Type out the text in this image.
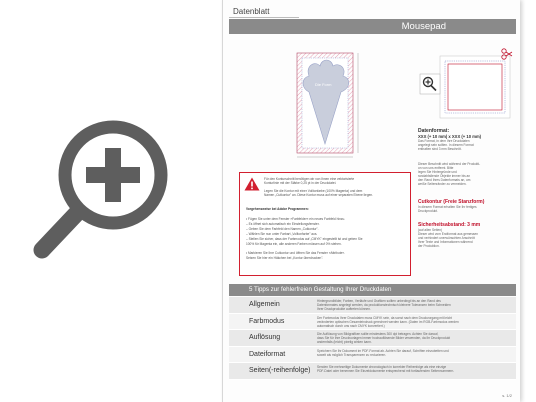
Datenblatt
Mousepad
Die Form
Datenformat:
XXX (+ 10 mm) x XXX (+ 10 mm)
Das Format, in dem Ihre Druckdaten
angelegt sein sollten. In diesem Format
enthalten sind 3 mm Beschnitt.
Dieser Beschnitt wird während der Produkti-
on von uns entfernt. Bitte
legen Sie Hintergründe und
randabfallende Objekte immer bis an
den Rand Ihres Datenformats an, um
weiße Seitenränder zu vermeiden.
Cutkontur (Freie Stanzform)
In diesem Format erhalten Sie Ihr fertiges
Druckprodukt.
Sicherheitsabstand: 3 mm
(auf allen Seiten)
Dieser wird vom Endformat aus gemessen
und verhindert unerwünschten Anschnitt
Ihrer Texte und Informationen während
der Produktion.
Für den Konturschnitt benötigen wir von Ihnen eine vektorisierte
Konturlinie mit der Stärke 0,25 pt in der Druckdatei.
Legen Sie die Kontur mit einer Volltonfarbe (100% Magenta) und dem
Namen „Cutkontur" an. Diese Kontur muss auf einer separaten Ebene liegen.
Vorgehensweise bei Adobe Programmen:
• Fügen Sie unter dem Fenster »Farbfelder« ein neues Farbfeld hinzu.
– Es öffnet sich automatisch ein Einstellungsfenster.
– Geben Sie dem Farbfeld den Namen „Cutkontur".
– Wählen Sie nun unter Farbart „Volltonfarbe" aus.
– Stellen Sie sicher, dass der Farbmodus auf „CMYK" eingestellt ist und geben Sie
100% für Magenta ein, alle anderen Farben müssen auf 0% stehen.
• Markieren Sie Ihre Cutkontur und öffnen Sie das Fenster »Attribute«.
Setzen Sie hier ein Häkchen bei „Kontur überdrucken".
5 Tipps zur fehlerfreien Gestaltung Ihrer Druckdaten
Allgemein	Hintergrundbilder, Farben, Verläufe und Grafiken sollten unbedingt bis an den Rand des
Datenformates angelegt werden, da produktionstechnisch kleinere Toleranzen beim Schneiden
Ihrer Druckprodukte auftreten können.
Farbmodus	Der Farbmodus Ihrer Druckdaten muss CMYK sein, da sonst nach dem Druckvorgang mit leicht
veränderten optischen Gesamteindruck gerechnet werden kann. (Daten im RGB-Farbmodus werden
automatisch durch uns nach CMYK konvertiert.)
Auflösung	Die Auflösung von Bildgrafiken sollte mindestens 300 dpi betragen. Achten Sie darauf,
dass Sie für Ihre Druckvorlagen immer hochauflösende Bilder verwenden, da Ihr Druckprodukt
andernfalls (leicht) pixelig wirken kann.
Dateiformat	Speichern Sie Ihr Dokument im PDF-Format ab. Achten Sie darauf, Schriften einzubetten und
soweit als möglich Transparenzen zu reduzieren.
Seiten(-reihenfolge)	Senden Sie mehrseitige Dokumente chronologisch in korrekter Reihenfolge als eine einzige
PDF-Datei oder benennen Sie Einzeldokumente entsprechend mit fortlaufenden Seitennummern.
s. 1/2
